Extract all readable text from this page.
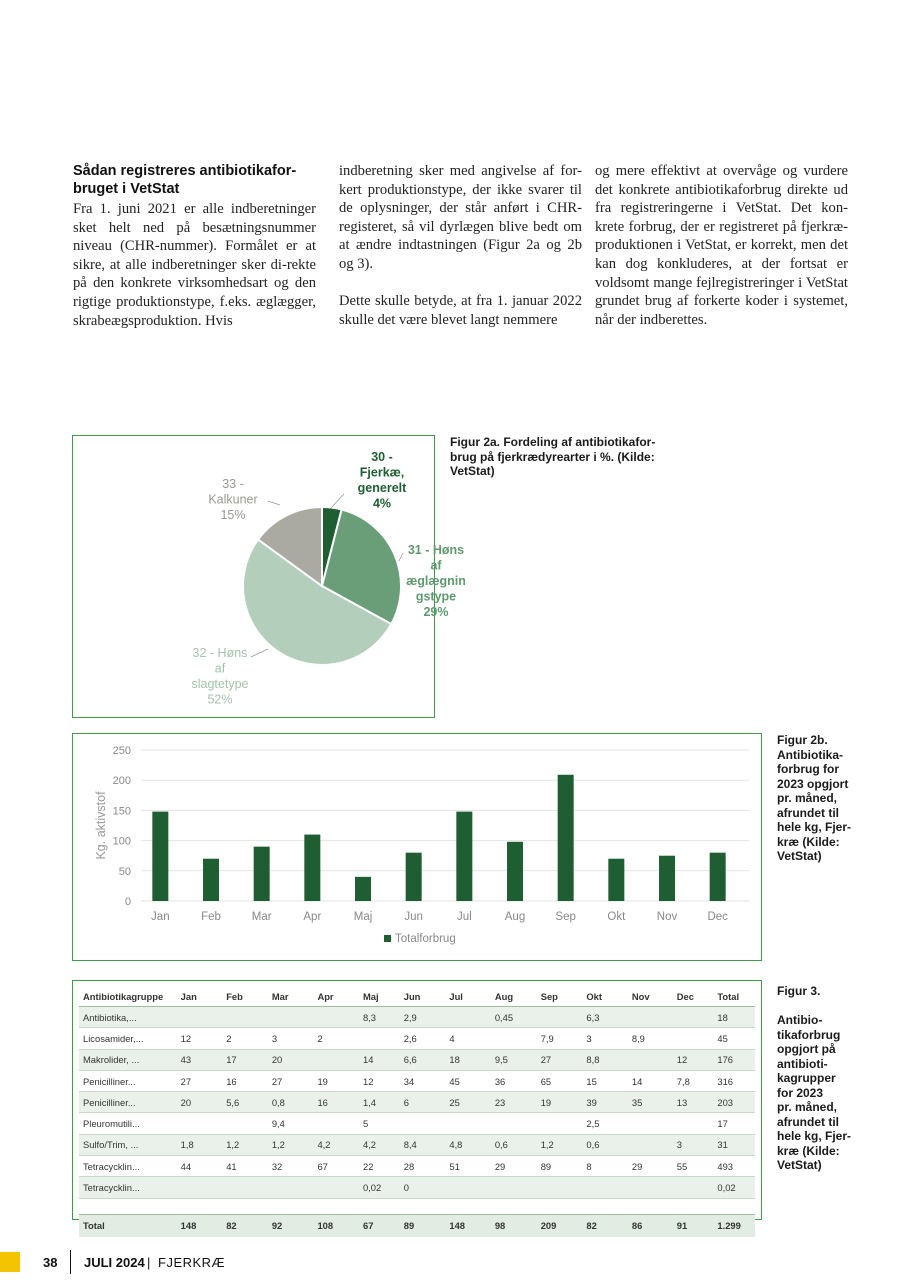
Sådan registreres antibiotikafor-
bruget i VetStat

Fra 1. juni 2021 er alle indberetninger sket helt ned på besætningsnummer niveau (CHR-nummer). Formålet er at sikre, at alle indberetninger sker di-rekte på den konkrete virksomhedsart og den rigtige produktionstype, f.eks. æglægger, skrabeægsproduktion. Hvis

indberetning sker med angivelse af for-kert produktionstype, der ikke svarer til de oplysninger, der står anført i CHR-registeret, så vil dyrlægen blive bedt om at ændre indtastningen (Figur 2a og 2b og 3).

Dette skulle betyde, at fra 1. januar 2022 skulle det være blevet langt nemmere

og mere effektivt at overvåge og vurdere det konkrete antibiotikaforbrug direkte ud fra registreringerne i VetStat. Det kon-krete forbrug, der er registreret på fjerkræ-produktionen i VetStat, er korrekt, men det kan dog konkluderes, at der fortsat er voldsomt mange fejlregistreringer i VetStat grundet brug af forkerte koder i systemet, når der indberettes.

30 -Fjerkæ, generelt 4%
31 - Høns af æglægnin gstype 29%
32 - Høns af slagtetype 52%
33 -Kalkuner 15%
Figur 2a. Fordeling af antibiotikafor-
brug på fjerkrædyrearter i %. (Kilde:
VetStat)
250
200
150
100
50
0
Jan	Feb	Mar	Apr	Maj	Jun	Jul	Aug	Sep	Okt	Nov	Dec
Kg. aktivstof
Totalforbrug
Figur 2b.
Antibiotika-
forbrug for
2023 opgjort
pr. måned,
afrundet til
hele kg, Fjer-
kræ (Kilde:
VetStat)
Antibiotikagruppe	Jan	Feb	Mar	Apr	Maj	Jun	Jul	Aug	Sep	Okt	Nov	Dec	Total
Antibiotika,...					8,3	2,9		0,45		6,3			18
Licosamider,...	12	2	3	2		2,6	4		7,9	3	8,9		45
Makrolider, ...	43	17	20		14	6,6	18	9,5	27	8,8		12	176
Penicilliner...	27	16	27	19	12	34	45	36	65	15	14	7,8	316
Penicilliner...	20	5,6	0,8	16	1,4	6	25	23	19	39	35	13	203
Pleuromutili...			9,4		5					2,5			17
Sulfo/Trim, ...	1,8	1,2	1,2	4,2	4,2	8,4	4,8	0,6	1,2	0,6		3	31
Tetracycklin...	44	41	32	67	22	28	51	29	89	8	29	55	493
Tetracycklin...					0,02	0							0,02

Total	148	82	92	108	67	89	148	98	209	82	86	91	1.299
Figur 3.

Antibio-
tikaforbrug
opgjort på
antibioti-
kagrupper
for 2023
pr. måned,
afrundet til
hele kg, Fjer-
kræ (Kilde:
VetStat)
38 JULI 2024 | FJERKRÆ
